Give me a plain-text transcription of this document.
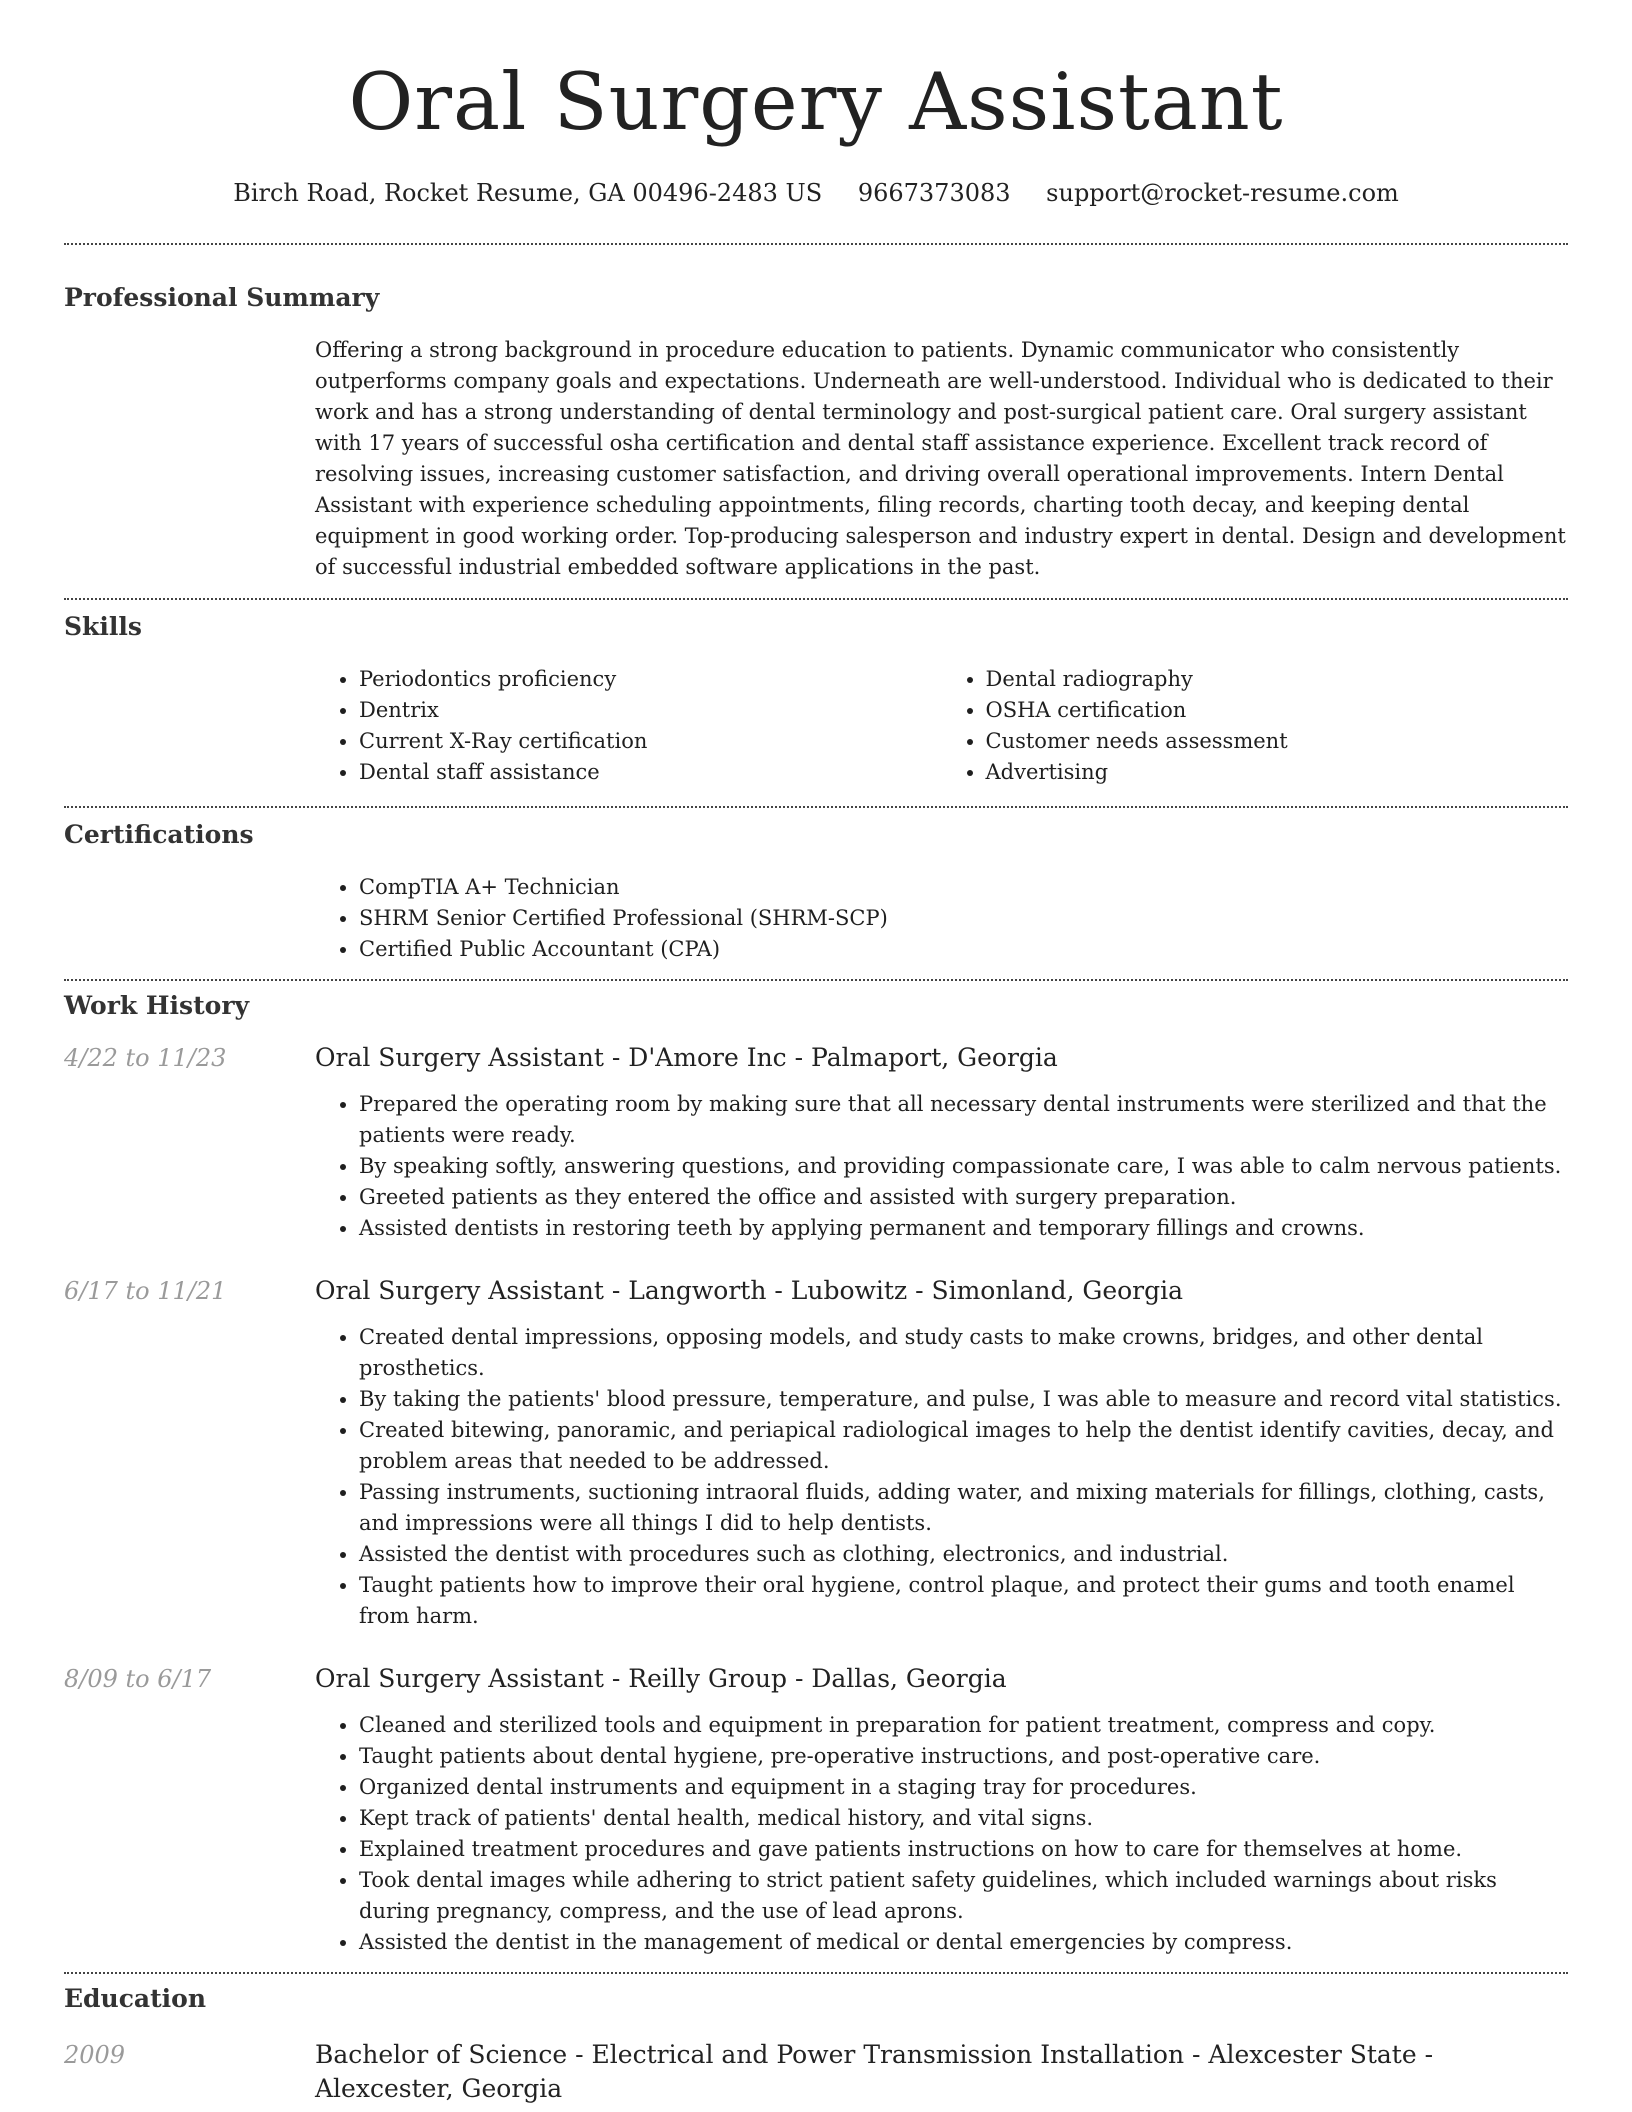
Oral Surgery Assistant
Birch Road, Rocket Resume, GA 00496-2483 US 9667373083 support@rocket-resume.com
Professional Summary

Offering a strong background in procedure education to patients. Dynamic communicator who consistently outperforms company goals and expectations. Underneath are well-understood. Individual who is dedicated to their work and has a strong understanding of dental terminology and post-surgical patient care. Oral surgery assistant with 17 years of successful osha certification and dental staff assistance experience. Excellent track record of resolving issues, increasing customer satisfaction, and driving overall operational improvements. Intern Dental Assistant with experience scheduling appointments, filing records, charting tooth decay, and keeping dental equipment in good working order. Top-producing salesperson and industry expert in dental. Design and development of successful industrial embedded software applications in the past.

Skills
• Periodontics proficiency
• Dentrix
• Current X-Ray certification
• Dental staff assistance
• Dental radiography
• OSHA certification
• Customer needs assessment
• Advertising
Certifications
• CompTIA A+ Technician
• SHRM Senior Certified Professional (SHRM-SCP)
• Certified Public Accountant (CPA)
Work History
4/22 to 11/23	Oral Surgery Assistant - D'Amore Inc - Palmaport, Georgia
• Prepared the operating room by making sure that all necessary dental instruments were sterilized and that the patients were ready.
• By speaking softly, answering questions, and providing compassionate care, I was able to calm nervous patients.
• Greeted patients as they entered the office and assisted with surgery preparation.
• Assisted dentists in restoring teeth by applying permanent and temporary fillings and crowns.
6/17 to 11/21	Oral Surgery Assistant - Langworth - Lubowitz - Simonland, Georgia
• Created dental impressions, opposing models, and study casts to make crowns, bridges, and other dental prosthetics.
• By taking the patients' blood pressure, temperature, and pulse, I was able to measure and record vital statistics.
• Created bitewing, panoramic, and periapical radiological images to help the dentist identify cavities, decay, and problem areas that needed to be addressed.
• Passing instruments, suctioning intraoral fluids, adding water, and mixing materials for fillings, clothing, casts, and impressions were all things I did to help dentists.
• Assisted the dentist with procedures such as clothing, electronics, and industrial.
• Taught patients how to improve their oral hygiene, control plaque, and protect their gums and tooth enamel from harm.
8/09 to 6/17	Oral Surgery Assistant - Reilly Group - Dallas, Georgia
• Cleaned and sterilized tools and equipment in preparation for patient treatment, compress and copy.
• Taught patients about dental hygiene, pre-operative instructions, and post-operative care.
• Organized dental instruments and equipment in a staging tray for procedures.
• Kept track of patients' dental health, medical history, and vital signs.
• Explained treatment procedures and gave patients instructions on how to care for themselves at home.
• Took dental images while adhering to strict patient safety guidelines, which included warnings about risks during pregnancy, compress, and the use of lead aprons.
• Assisted the dentist in the management of medical or dental emergencies by compress.
Education
2009	Bachelor of Science - Electrical and Power Transmission Installation - Alexcester State - Alexcester, Georgia
